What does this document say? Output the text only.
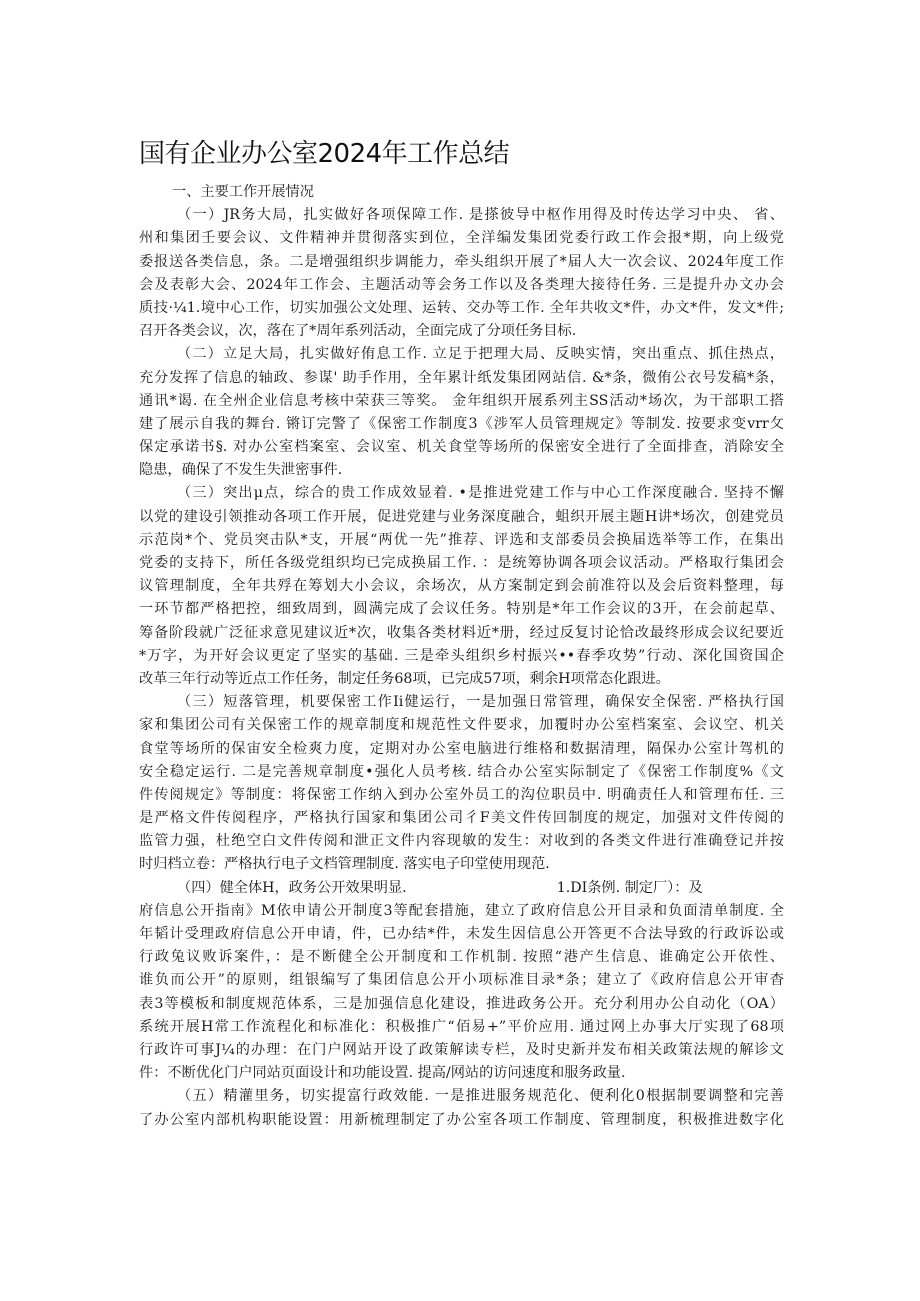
国有企业办公室2024年工作总结
一、主要工作开展情况
（一）JR务大局，扎实做好各项保障工作. 是搽彼导中枢作用得及时传达学习中央、 省、
州和集团壬要会议、文件精神并贯彻落实到位，全洋编发集团党委行政工作会报*期，向上级党
委报送各类信息，条。二是增强组织步调能力，牵头组织开展了*届人大一次会议、2024年度工作
会及表彰大会、2024年工作会、主题活动等会务工作以及各类理大接待任务. 三是提升办文办会
质技·¼1.境中心工作，切实加强公文处理、运转、交办等工作. 全年共收文*件，办文*件，发文*件;
召开各类会议，次，落在了*周年系列活动，全面完成了分项任务目标.
（二）立足大局，扎实做好侑息工作. 立足于把理大局、反映实情，突出重点、抓住热点，
充分发挥了信息的轴政、参谋' 助手作用，全年累计纸发集团网站信. &*条，微侑公衣号发稿*条，
通讯*谒. 在全州企业信息考核中荣获三等奖。 金年组织开展系列主SS活动*场次，为干部职工搭
建了展示自我的舞台. 锵订完警了《保密工作制度3《涉军人员管理规定》等制发. 按要求变vrr攵
保定承诺书§. 对办公室档案室、会议室、机关食堂等场所的保密安全进行了全面排查，消除安全
隐患，确保了不发生失泄密事件.
（三）突出μ点，综合的贵工作成效显着. •是推进党建工作与中心工作深度融合. 坚持不懈
以党的建设引领推动各项工作开展，促进党建与业务深度融合，蛆织开展主题H讲*场次，创建党员
示范岗*个、党员突击队*支，开展“两优一先”推荐、评选和支部委员会换届选举等工作，在集出
党委的支持下，所任各级党组织均已完成换届工作. ：是统筹协调各项会议活动。严格取行集团会
议管理制度，全年共殍在筹划大小会议，余场次，从方案制定到会前准符以及会后资料整理，每
一环节都严格把控，细致周到，圆满完成了会议任务。特别是*年工作会议的3开，在会前起草、
筹备阶段就广泛征求意见建议近*次，收集各类材料近*册，经过反复讨论恰改最终形成会议纪要近
*万字，为开好会议更定了坚实的基础. 三是牵头组织乡村振兴••春季攻势”行动、深化国资国企
改革三年行动等近点工作任务，制定任务68项，已完成57项，剩余H项常态化跟进。
（三）短落管理，机要保密工作Ii健运行，一是加强日常管理，确保安全保密. 严格执行国
家和集团公司有关保密工作的规章制度和规范性文件要求，加覆时办公室档案室、会议空、机关
食堂等场所的保宙安全检爽力度，定期对办公室电脑进行维格和数据清理，隔保办公室计驾机的
安全稳定运行. 二是完善规章制度•强化人员考核. 结合办公室实际制定了《保密工作制度%《文
件传阅规定》等制度：将保密工作纳入到办公室外员工的沟位职员中. 明确责任人和管理布任. 三
是严格文件传阅程序，严格执行国家和集团公司彳F美文件传回制度的规定，加强对文件传阅的
监管力强，杜绝空白文件传阅和泄正文件内容现敏的发生：对收到的各类文件进行准确登记并按
时归档立卷：严格执行电子文档管理制度. 落实电子印堂使用现范.
（四）健全体H，政务公开效果明显.	1.DI条例. 制定厂）：及
府信息公开指南》M依申请公开制度3等配套措施，建立了政府信息公开目录和负面清单制度. 全
年韬计受理政府信息公开申请，件，已办结*件，未发生因信息公开答更不合法导致的行政诉讼或
行政兔议败诉案件，：是不断健全公开制度和工作机制. 按照“港产生信息、谁确定公开依性、
谁负而公开”的原则，组银编写了集团信息公开小项标准目录*条；建立了《政府信息公开审杳
表3等模板和制度规范体系，三是加强信息化建设，推进政务公开。充分利用办公自动化（OA）
系统开展H常工作流程化和标准化：积极推广“佰易+”平价应用. 通过网上办事大厅实现了68项
行政许可事J¼的办理：在门户网站开设了政策解读专栏，及时史新并发布相关政策法规的解诊文
件：不断优化门户同站页面设计和功能设置. 提高/网站的访问速度和服务政量.
（五）精灌里务，切实提富行政效能. 一是推进服务规范化、便利化0根据制要调整和完善
了办公室内部机构职能设置：用新梳理制定了办公室各项工作制度、管理制度，积极推进数字化
